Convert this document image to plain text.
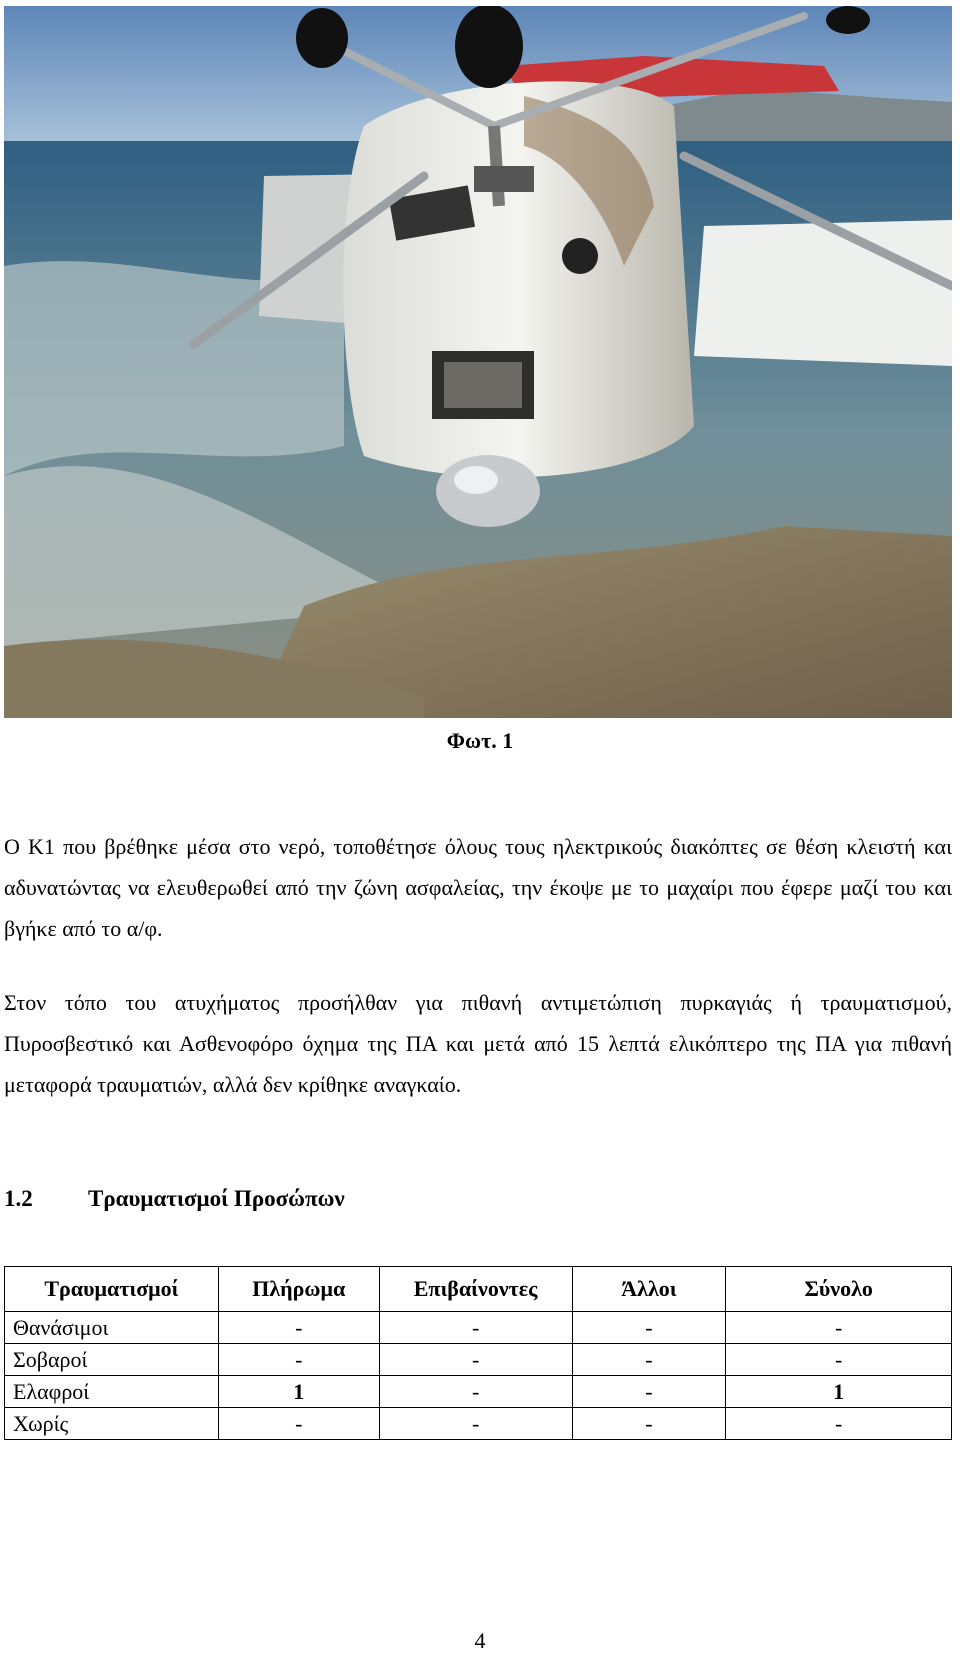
Φωτ. 1

Ο Κ1 που βρέθηκε μέσα στο νερό, τοποθέτησε όλους τους ηλεκτρικούς διακόπτες σε θέση κλειστή και αδυνατώντας να ελευθερωθεί από την ζώνη ασφαλείας, την έκοψε με το μαχαίρι που έφερε μαζί του και βγήκε από το α/φ.

Στον τόπο του ατυχήματος προσήλθαν για πιθανή αντιμετώπιση πυρκαγιάς ή τραυματισμού, Πυροσβεστικό και Ασθενοφόρο όχημα της ΠΑ και μετά από 15 λεπτά ελικόπτερο της ΠΑ για πιθανή μεταφορά τραυματιών, αλλά δεν κρίθηκε αναγκαίο.

1.2 Τραυματισμοί Προσώπων
Τραυματισμοί	Πλήρωμα	Επιβαίνοντες	Άλλοι	Σύνολο
Θανάσιμοι	-	-	-	-
Σοβαροί	-	-	-	-
Ελαφροί	1	-	-	1
Χωρίς	-	-	-	-
4
